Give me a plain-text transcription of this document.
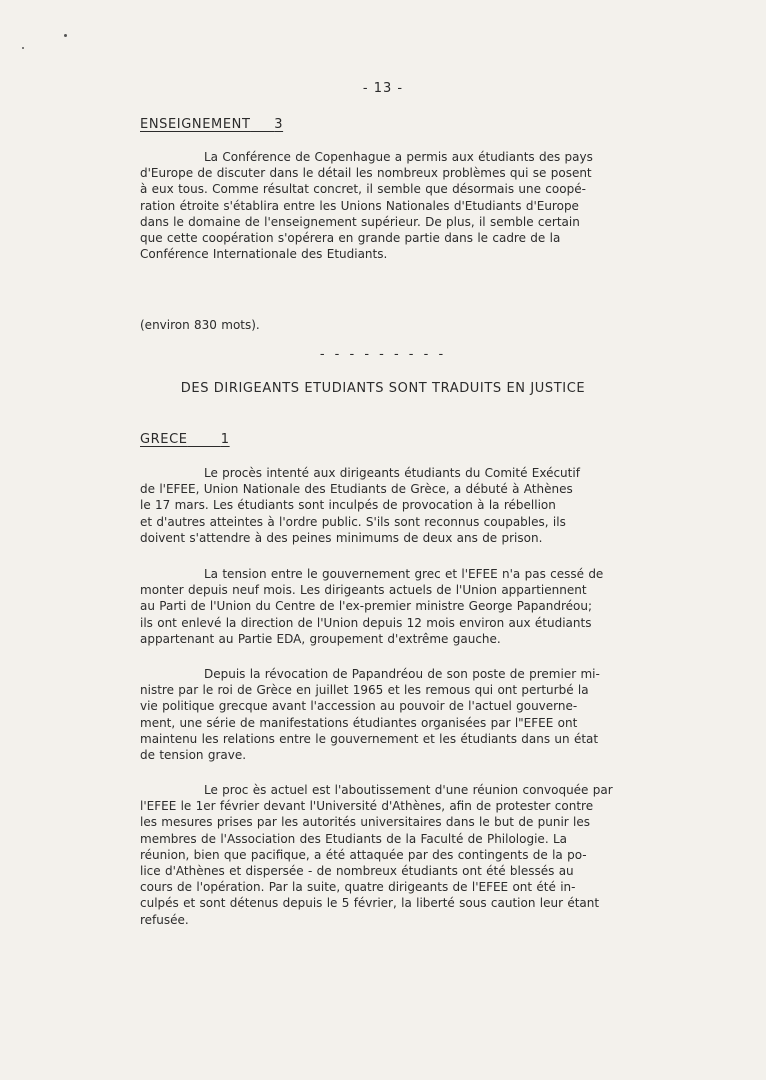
- 13 -
ENSEIGNEMENT 3
La Conférence de Copenhague a permis aux étudiants des pays
d'Europe de discuter dans le détail les nombreux problèmes qui se posent
à eux tous. Comme résultat concret, il semble que désormais une coopé-
ration étroite s'établira entre les Unions Nationales d'Etudiants d'Europe
dans le domaine de l'enseignement supérieur. De plus, il semble certain
que cette coopération s'opérera en grande partie dans le cadre de la
Conférence Internationale des Etudiants.
(environ 830 mots).
- - - - - - - - -
DES DIRIGEANTS ETUDIANTS SONT TRADUITS EN JUSTICE
GRECE	1
Le procès intenté aux dirigeants étudiants du Comité Exécutif
de l'EFEE, Union Nationale des Etudiants de Grèce, a débuté à Athènes
le 17 mars. Les étudiants sont inculpés de provocation à la rébellion
et d'autres atteintes à l'ordre public. S'ils sont reconnus coupables, ils
doivent s'attendre à des peines minimums de deux ans de prison.
La tension entre le gouvernement grec et l'EFEE n'a pas cessé de
monter depuis neuf mois. Les dirigeants actuels de l'Union appartiennent
au Parti de l'Union du Centre de l'ex-premier ministre George Papandréou;
ils ont enlevé la direction de l'Union depuis 12 mois environ aux étudiants
appartenant au Partie EDA, groupement d'extrême gauche.
Depuis la révocation de Papandréou de son poste de premier mi-
nistre par le roi de Grèce en juillet 1965 et les remous qui ont perturbé la
vie politique grecque avant l'accession au pouvoir de l'actuel gouverne-
ment, une série de manifestations étudiantes organisées par l"EFEE ont
maintenu les relations entre le gouvernement et les étudiants dans un état
de tension grave.
Le proc ès actuel est l'aboutissement d'une réunion convoquée par
l'EFEE le 1er février devant l'Université d'Athènes, afin de protester contre
les mesures prises par les autorités universitaires dans le but de punir les
membres de l'Association des Etudiants de la Faculté de Philologie. La
réunion, bien que pacifique, a été attaquée par des contingents de la po-
lice d'Athènes et dispersée - de nombreux étudiants ont été blessés au
cours de l'opération. Par la suite, quatre dirigeants de l'EFEE ont été in-
culpés et sont détenus depuis le 5 février, la liberté sous caution leur étant
refusée.
